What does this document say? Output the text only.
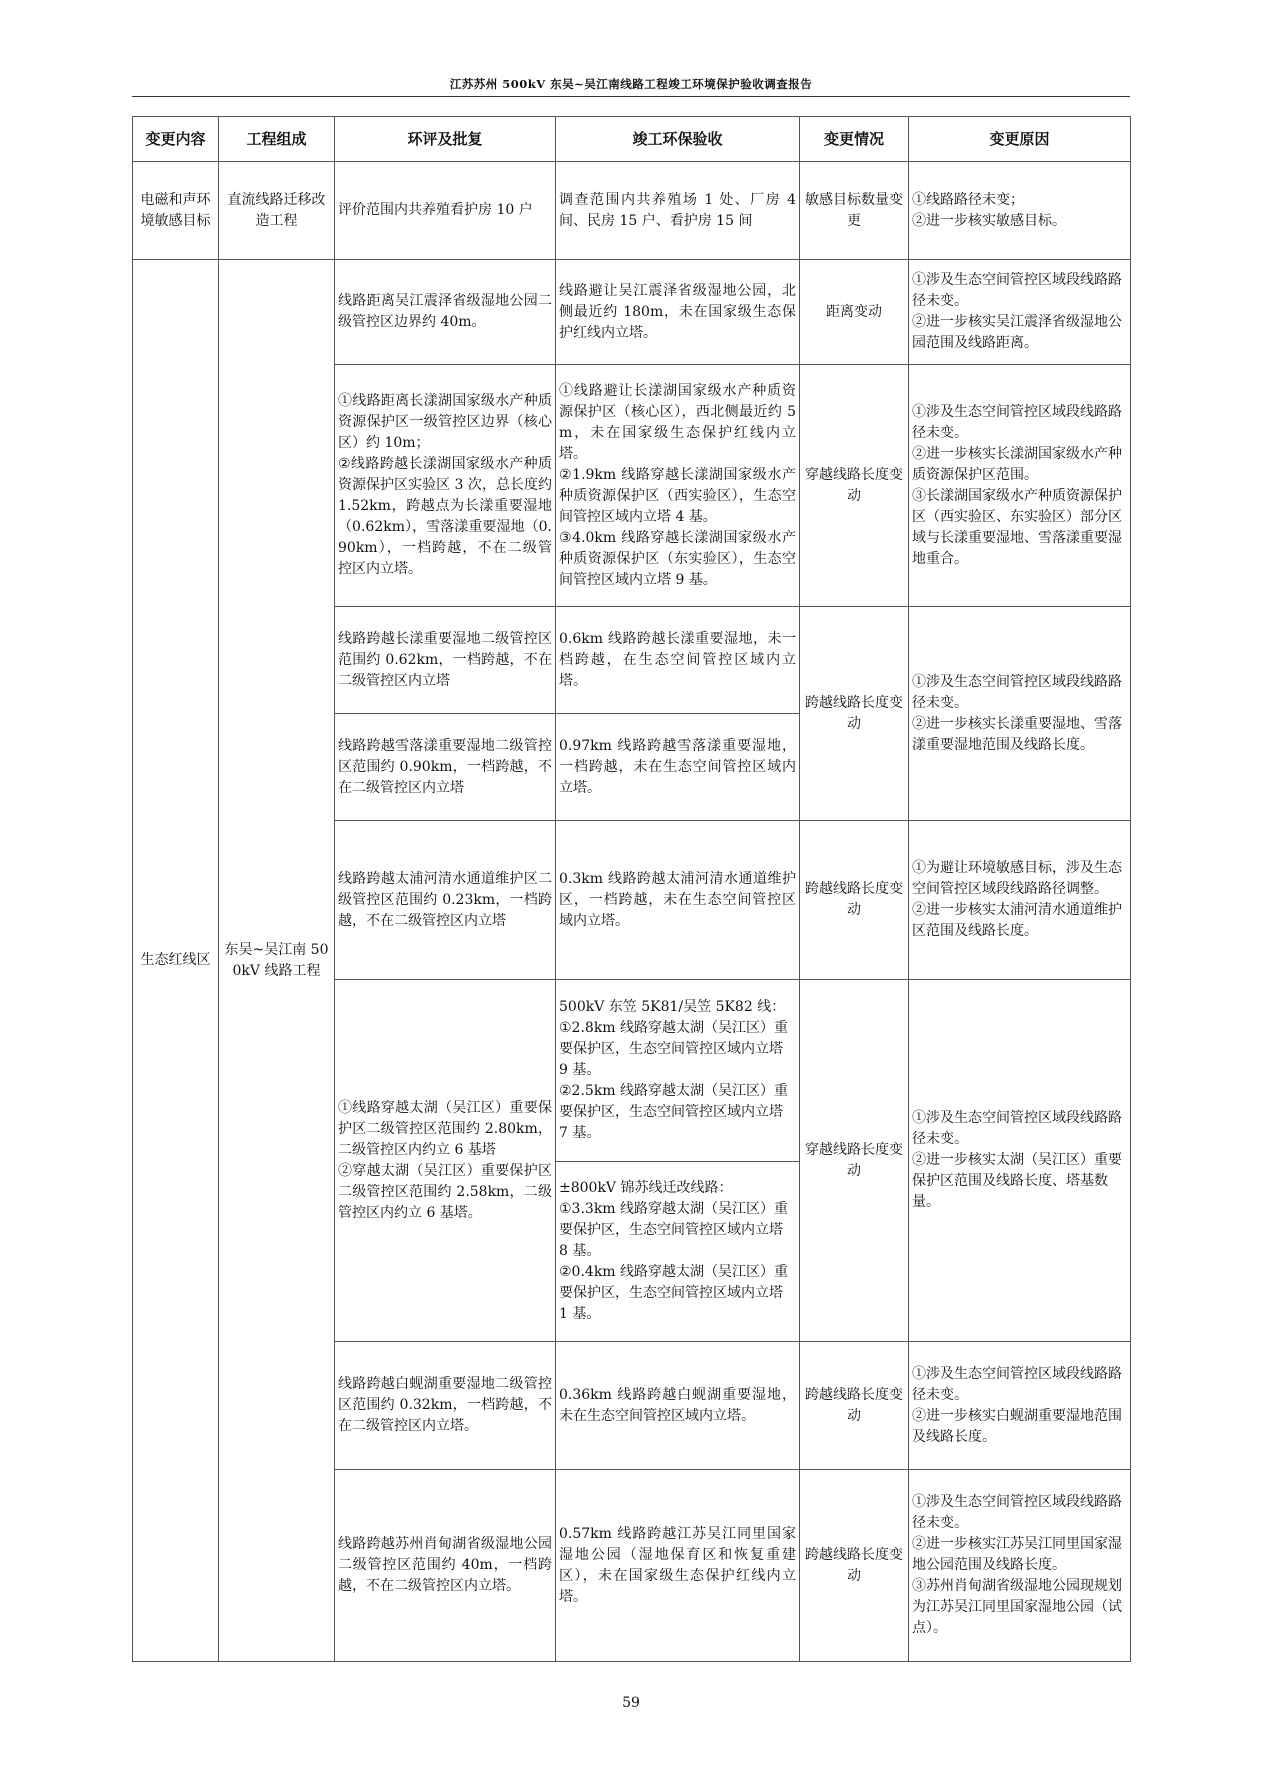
江苏苏州 500kV 东吴~吴江南线路工程竣工环境保护验收调查报告
变更内容	工程组成	环评及批复	竣工环保验收	变更情况	变更原因
电磁和声环境敏感目标	直流线路迁移改造工程	评价范围内共养殖看护房 10 户	调查范围内共养殖场 1 处、厂房 4 间、民房 15 户、看护房 15 间	敏感目标数量变更	①线路路径未变；
②进一步核实敏感目标。
生态红线区	东吴~吴江南 500kV 线路工程	线路距离吴江震泽省级湿地公园二级管控区边界约 40m。	线路避让吴江震泽省级湿地公园，北侧最近约 180m，未在国家级生态保护红线内立塔。	距离变动	①涉及生态空间管控区域段线路路径未变。
②进一步核实吴江震泽省级湿地公园范围及线路距离。
		①线路距离长漾湖国家级水产种质资源保护区一级管控区边界（核心区）约 10m；
②线路跨越长漾湖国家级水产种质资源保护区实验区 3 次，总长度约 1.52km，跨越点为长漾重要湿地（0.62km），雪落漾重要湿地（0.90km），一档跨越，不在二级管控区内立塔。	①线路避让长漾湖国家级水产种质资源保护区（核心区），西北侧最近约 5m，未在国家级生态保护红线内立塔。
②1.9km 线路穿越长漾湖国家级水产种质资源保护区（西实验区），生态空间管控区域内立塔 4 基。
③4.0km 线路穿越长漾湖国家级水产种质资源保护区（东实验区），生态空间管控区域内立塔 9 基。	穿越线路长度变动	①涉及生态空间管控区域段线路路径未变。
②进一步核实长漾湖国家级水产种质资源保护区范围。
③长漾湖国家级水产种质资源保护区（西实验区、东实验区）部分区域与长漾重要湿地、雪落漾重要湿地重合。
		线路跨越长漾重要湿地二级管控区范围约 0.62km，一档跨越，不在二级管控区内立塔	0.6km 线路跨越长漾重要湿地，未一档跨越，在生态空间管控区域内立塔。	跨越线路长度变动	①涉及生态空间管控区域段线路路径未变。
②进一步核实长漾重要湿地、雪落漾重要湿地范围及线路长度。
		线路跨越雪落漾重要湿地二级管控区范围约 0.90km，一档跨越，不在二级管控区内立塔	0.97km 线路跨越雪落漾重要湿地，一档跨越，未在生态空间管控区域内立塔。		
		线路跨越太浦河清水通道维护区二级管控区范围约 0.23km，一档跨越，不在二级管控区内立塔	0.3km 线路跨越太浦河清水通道维护区，一档跨越，未在生态空间管控区域内立塔。	跨越线路长度变动	①为避让环境敏感目标，涉及生态空间管控区域段线路路径调整。
②进一步核实太浦河清水通道维护区范围及线路长度。
		①线路穿越太湖（吴江区）重要保护区二级管控区范围约 2.80km，二级管控区内约立 6 基塔
②穿越太湖（吴江区）重要保护区二级管控区范围约 2.58km，二级管控区内约立 6 基塔。	500kV 东笠 5K81/吴笠 5K82 线：
①2.8km 线路穿越太湖（吴江区）重要保护区，生态空间管控区域内立塔 9 基。
②2.5km 线路穿越太湖（吴江区）重要保护区，生态空间管控区域内立塔 7 基。	穿越线路长度变动	①涉及生态空间管控区域段线路路径未变。
②进一步核实太湖（吴江区）重要保护区范围及线路长度、塔基数量。
			±800kV 锦苏线迁改线路：
①3.3km 线路穿越太湖（吴江区）重要保护区，生态空间管控区域内立塔 8 基。
②0.4km 线路穿越太湖（吴江区）重要保护区，生态空间管控区域内立塔 1 基。		
		线路跨越白蚬湖重要湿地二级管控区范围约 0.32km，一档跨越，不在二级管控区内立塔。	0.36km 线路跨越白蚬湖重要湿地，未在生态空间管控区域内立塔。	跨越线路长度变动	①涉及生态空间管控区域段线路路径未变。
②进一步核实白蚬湖重要湿地范围及线路长度。
		线路跨越苏州肖甸湖省级湿地公园二级管控区范围约 40m，一档跨越，不在二级管控区内立塔。	0.57km 线路跨越江苏吴江同里国家湿地公园（湿地保育区和恢复重建区），未在国家级生态保护红线内立塔。	跨越线路长度变动	①涉及生态空间管控区域段线路路径未变。
②进一步核实江苏吴江同里国家湿地公园范围及线路长度。
③苏州肖甸湖省级湿地公园现规划为江苏吴江同里国家湿地公园（试点）。
59
